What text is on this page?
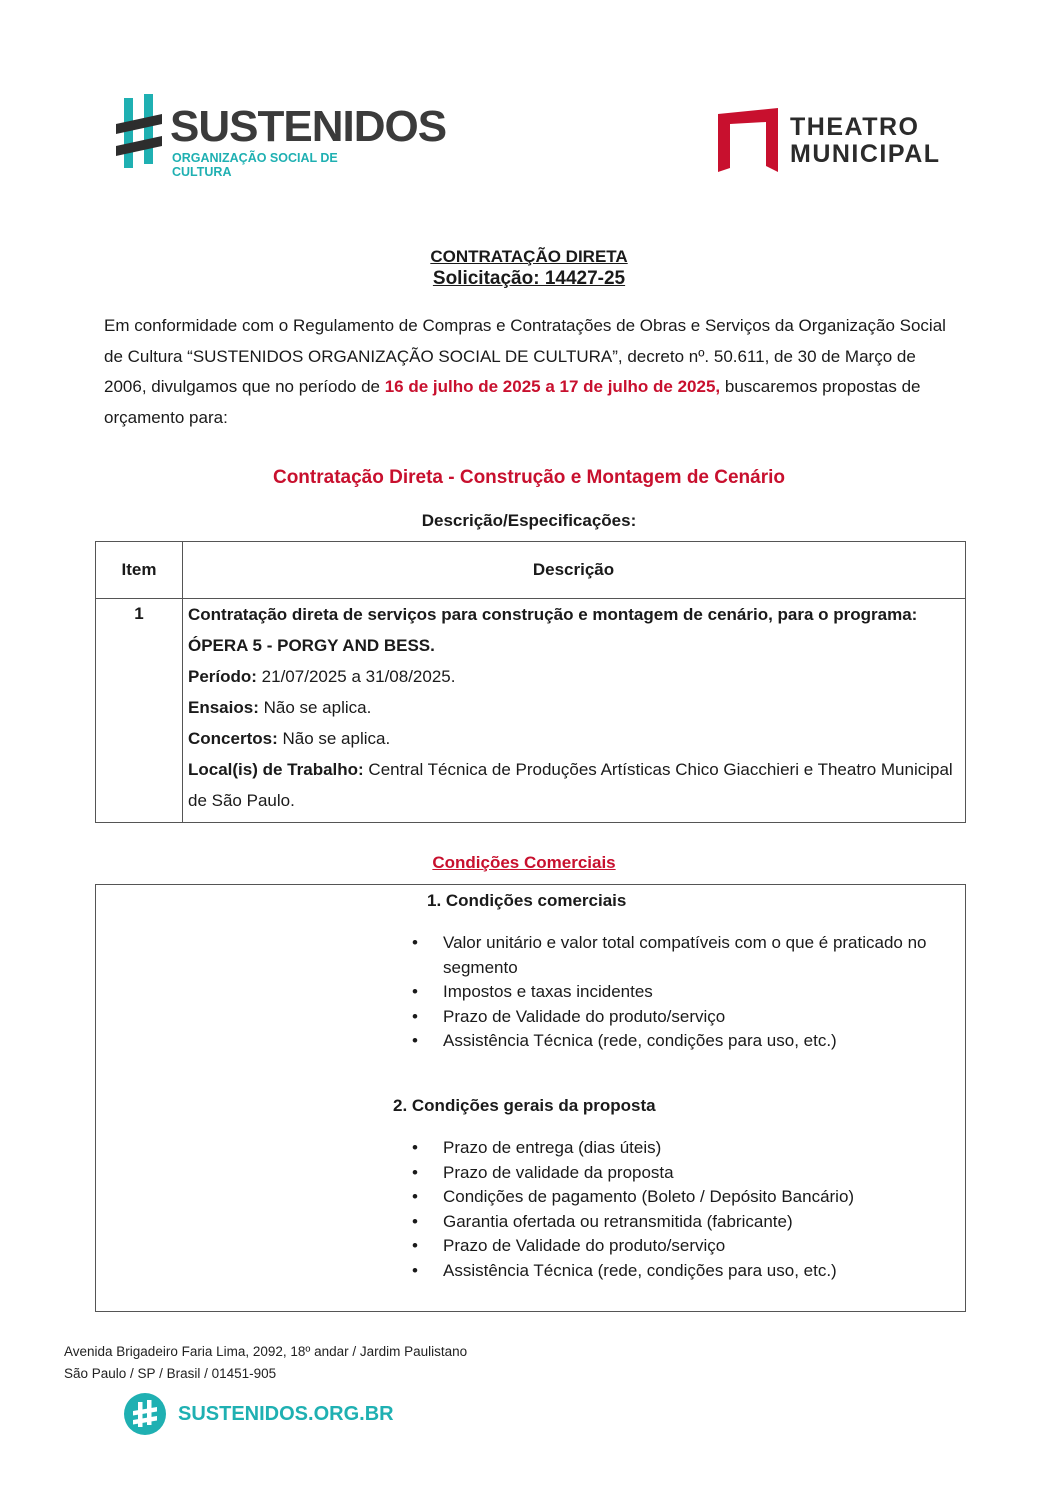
SUSTENIDOS
ORGANIZAÇÃO SOCIAL DE CULTURA
THEATRO
MUNICIPAL
CONTRATAÇÃO DIRETA
Solicitação: 14427-25
Em conformidade com o Regulamento de Compras e Contratações de Obras e Serviços da Organização Social de Cultura “SUSTENIDOS ORGANIZAÇÃO SOCIAL DE CULTURA”, decreto nº. 50.611, de 30 de Março de 2006, divulgamos que no período de 16 de julho de 2025 a 17 de julho de 2025, buscaremos propostas de orçamento para:
Contratação Direta - Construção e Montagem de Cenário
Descrição/Especificações:
Item	Descrição
1	Contratação direta de serviços para construção e montagem de cenário, para o programa:
ÓPERA 5 - PORGY AND BESS.
Período: 21/07/2025 a 31/08/2025.
Ensaios: Não se aplica.
Concertos: Não se aplica.
Local(is) de Trabalho: Central Técnica de Produções Artísticas Chico Giacchieri e Theatro Municipal de São Paulo.
Condições Comerciais
1. Condições comerciais
• Valor unitário e valor total compatíveis com o que é praticado no segmento
• Impostos e taxas incidentes
• Prazo de Validade do produto/serviço
• Assistência Técnica (rede, condições para uso, etc.)
2. Condições gerais da proposta
• Prazo de entrega (dias úteis)
• Prazo de validade da proposta
• Condições de pagamento (Boleto / Depósito Bancário)
• Garantia ofertada ou retransmitida (fabricante)
• Prazo de Validade do produto/serviço
• Assistência Técnica (rede, condições para uso, etc.)
Avenida Brigadeiro Faria Lima, 2092, 18º andar / Jardim Paulistano
São Paulo / SP / Brasil / 01451-905
SUSTENIDOS.ORG.BR
